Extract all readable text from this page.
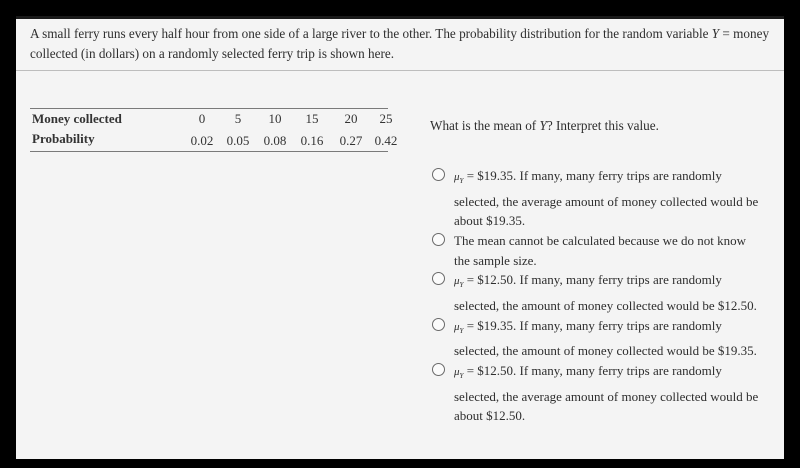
A small ferry runs every half hour from one side of a large river to the other. The probability distribution for the random variable Y = money collected (in dollars) on a randomly selected ferry trip is shown here.
Money collected	0	5	10	15	20	25
Probability	0.02	0.05	0.08	0.16	0.27 0.42
What is the mean of Y? Interpret this value.
$\mu_Y$ = $19.35. If many, many ferry trips are randomly selected, the average amount of money collected would be about $19.35.
The mean cannot be calculated because we do not know the sample size.
$\mu_Y$ = $12.50. If many, many ferry trips are randomly selected, the amount of money collected would be $12.50.
$\mu_Y$ = $19.35. If many, many ferry trips are randomly selected, the amount of money collected would be $19.35.
$\mu_Y$ = $12.50. If many, many ferry trips are randomly selected, the average amount of money collected would be about $12.50.
